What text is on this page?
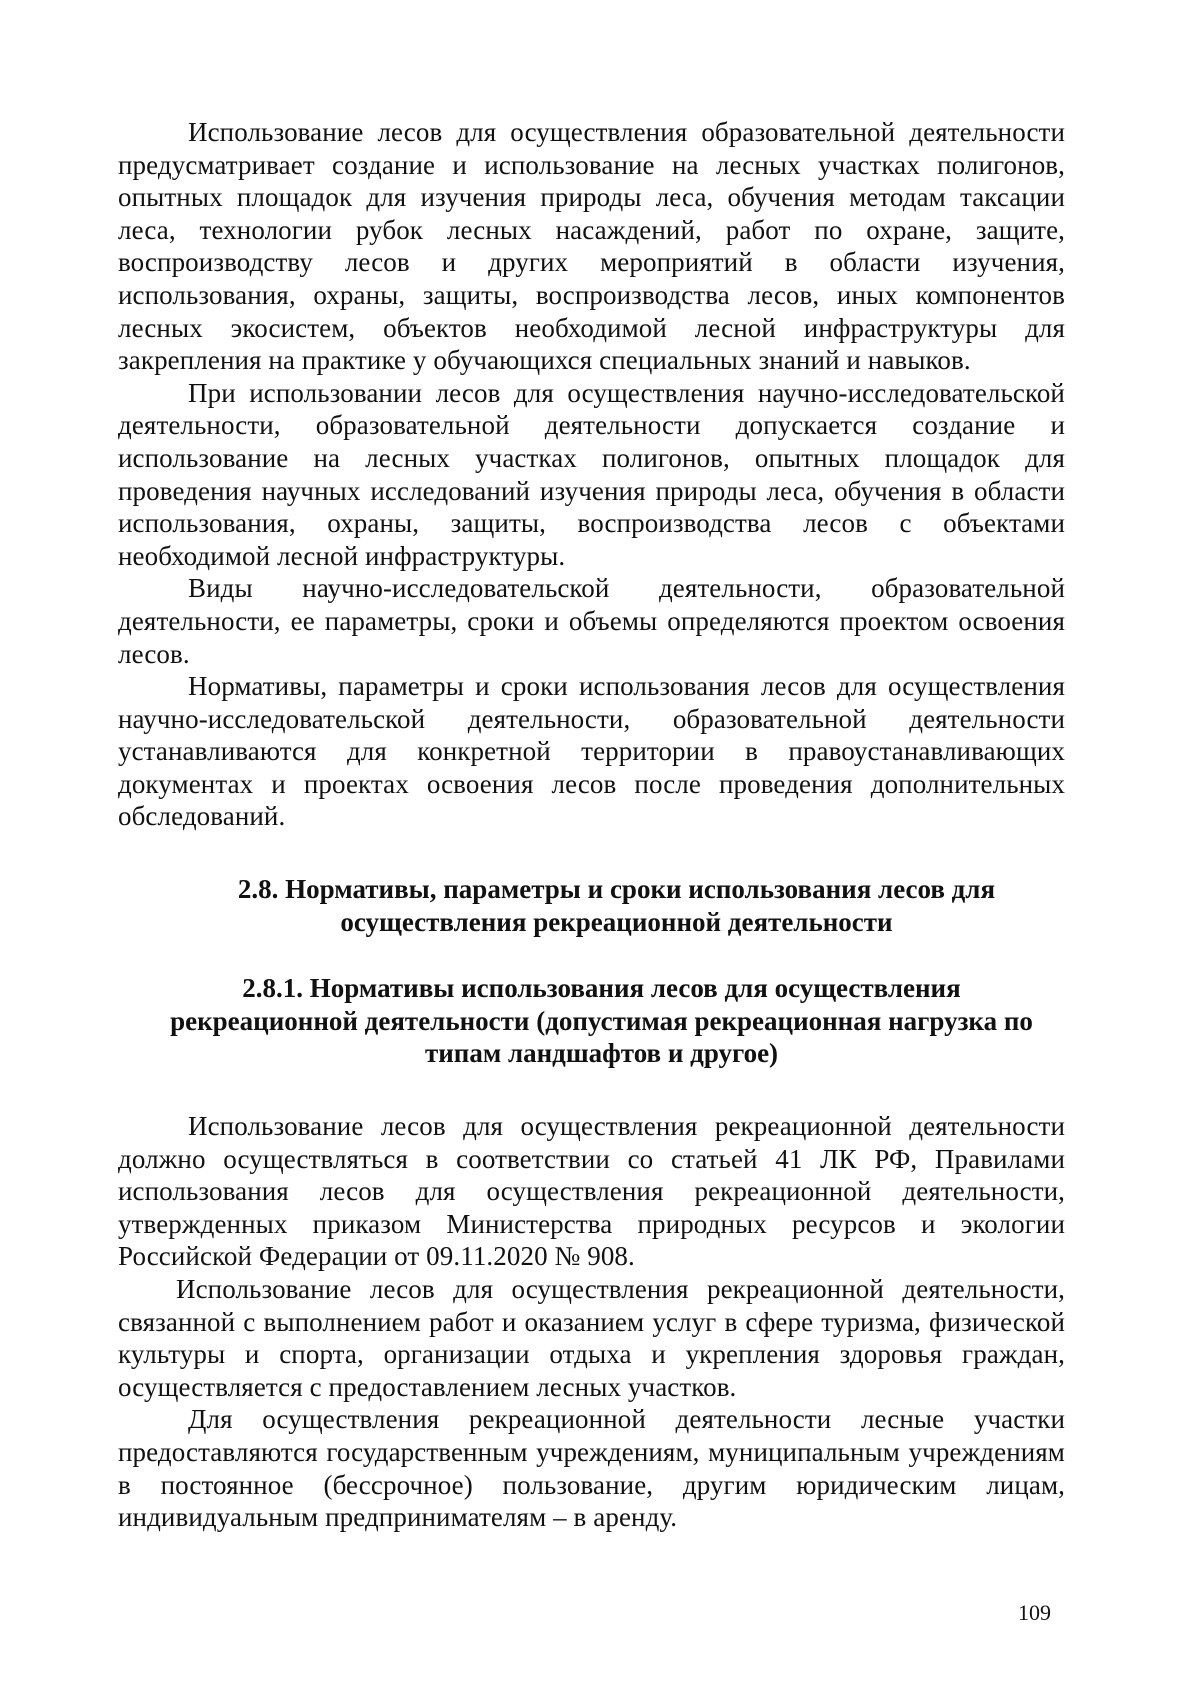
Использование лесов для осуществления образовательной деятельности предусматривает создание и использование на лесных участках полигонов, опытных площадок для изучения природы леса, обучения методам таксации леса, технологии рубок лесных насаждений, работ по охране, защите, воспроизводству лесов и других мероприятий в области изучения, использования, охраны, защиты, воспроизводства лесов, иных компонентов лесных экосистем, объектов необходимой лесной инфраструктуры для закрепления на практике у обучающихся специальных знаний и навыков.

При использовании лесов для осуществления научно-исследовательской деятельности, образовательной деятельности допускается создание и использование на лесных участках полигонов, опытных площадок для проведения научных исследований изучения природы леса, обучения в области использования, охраны, защиты, воспроизводства лесов с объектами необходимой лесной инфраструктуры.

Виды научно-исследовательской деятельности, образовательной деятельности, ее параметры, сроки и объемы определяются проектом освоения лесов.

Нормативы, параметры и сроки использования лесов для осуществления научно-исследовательской деятельности, образовательной деятельности устанавливаются для конкретной территории в правоустанавливающих документах и проектах освоения лесов после проведения дополнительных обследований.

2.8. Нормативы, параметры и сроки использования лесов для
осуществления рекреационной деятельности
2.8.1. Нормативы использования лесов для осуществления
рекреационной деятельности (допустимая рекреационная нагрузка по
типам ландшафтов и другое)

Использование лесов для осуществления рекреационной деятельности должно осуществляться в соответствии со статьей 41 ЛК РФ, Правилами использования лесов для осуществления рекреационной деятельности, утвержденных приказом Министерства природных ресурсов и экологии Российской Федерации от 09.11.2020 № 908.

Использование лесов для осуществления рекреационной деятельности, связанной с выполнением работ и оказанием услуг в сфере туризма, физической культуры и спорта, организации отдыха и укрепления здоровья граждан, осуществляется с предоставлением лесных участков.

Для осуществления рекреационной деятельности лесные участки предоставляются государственным учреждениям, муниципальным учреждениям в постоянное (бессрочное) пользование, другим юридическим лицам, индивидуальным предпринимателям – в аренду.

109
